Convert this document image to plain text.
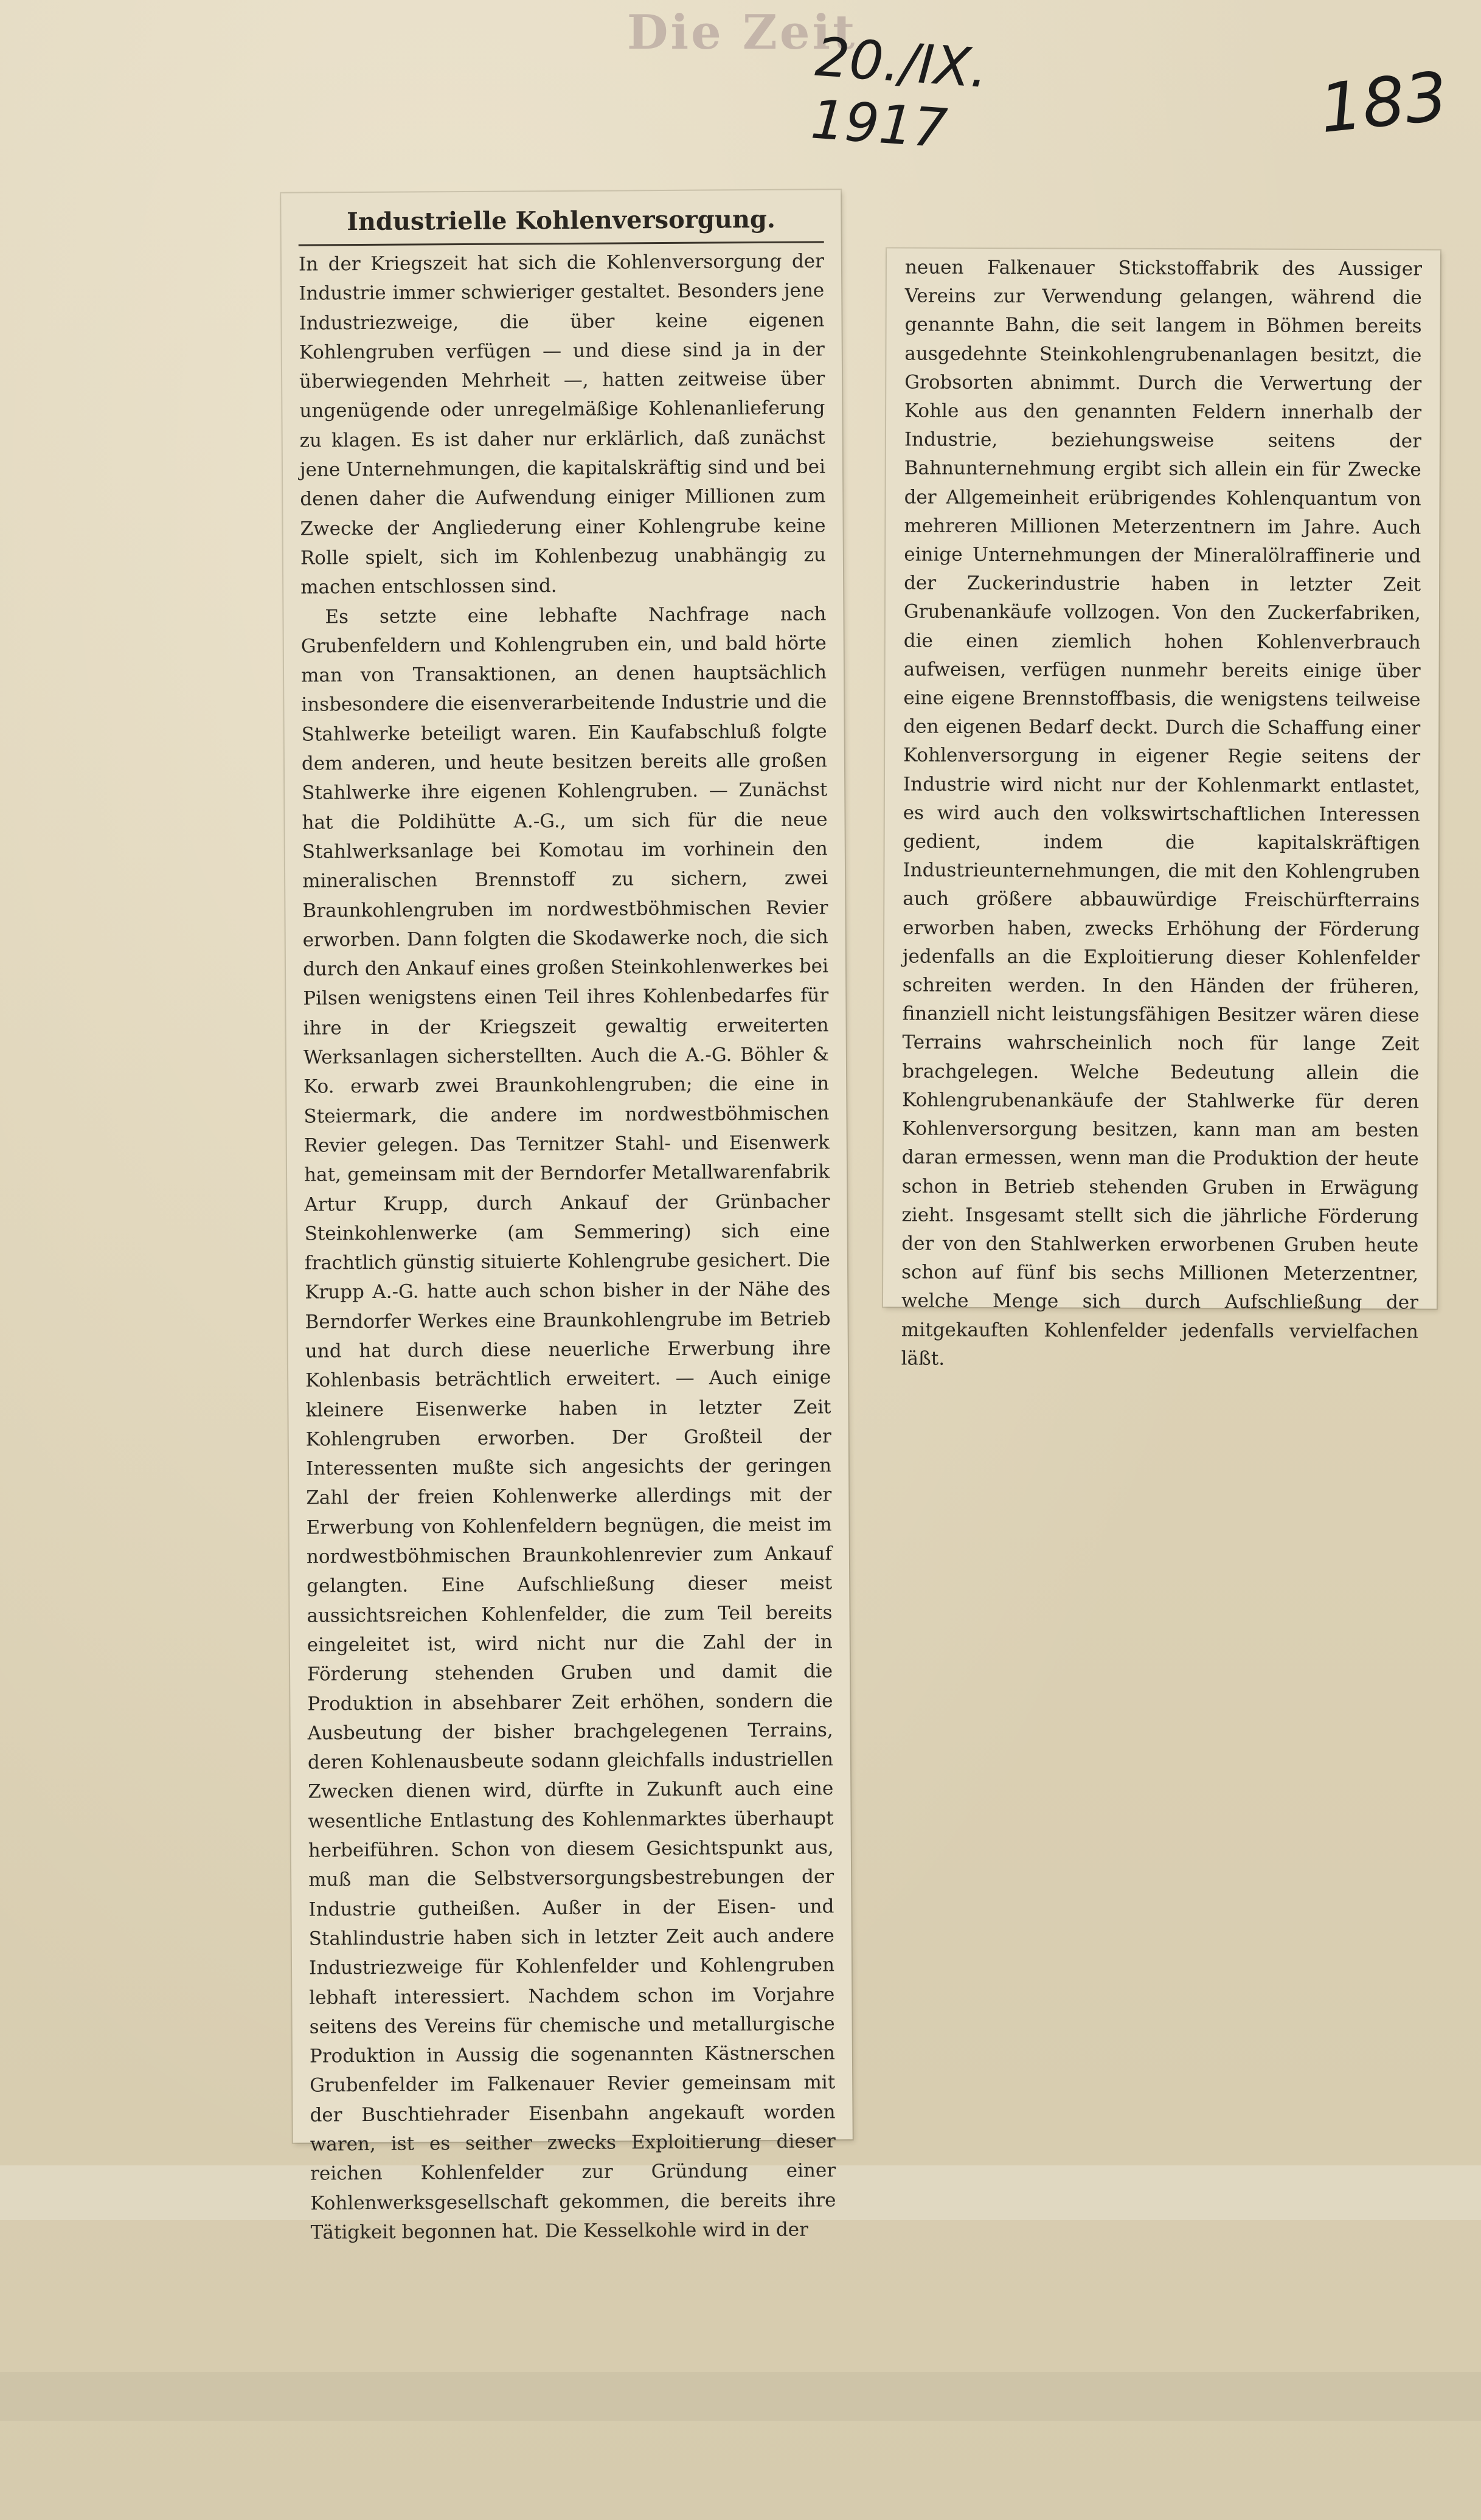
Die Zeit
20./IX. 1917	183
Industrielle Kohlenversorgung.

In der Kriegszeit hat sich die Kohlenversorgung der Industrie immer schwieriger gestaltet. Besonders jene Industriezweige, die über keine eigenen Kohlengruben verfügen — und diese sind ja in der überwiegenden Mehrheit —, hatten zeitweise über ungenügende oder unregelmäßige Kohlenanlieferung zu klagen. Es ist daher nur erklärlich, daß zunächst jene Unternehmungen, die kapitalskräftig sind und bei denen daher die Aufwendung einiger Millionen zum Zwecke der Angliederung einer Kohlengrube keine Rolle spielt, sich im Kohlenbezug unabhängig zu machen entschlossen sind.

Es setzte eine lebhafte Nachfrage nach Grubenfeldern und Kohlengruben ein, und bald hörte man von Transaktionen, an denen hauptsächlich insbesondere die eisenverarbeitende Industrie und die Stahlwerke beteiligt waren. Ein Kaufabschluß folgte dem anderen, und heute besitzen bereits alle großen Stahlwerke ihre eigenen Kohlengruben. — Zunächst hat die Poldihütte A.-G., um sich für die neue Stahlwerksanlage bei Komotau im vorhinein den mineralischen Brennstoff zu sichern, zwei Braunkohlengruben im nordwestböhmischen Revier erworben. Dann folgten die Skodawerke noch, die sich durch den Ankauf eines großen Steinkohlenwerkes bei Pilsen wenigstens einen Teil ihres Kohlenbedarfes für ihre in der Kriegszeit gewaltig erweiterten Werksanlagen sicherstellten. Auch die A.-G. Böhler & Ko. erwarb zwei Braunkohlengruben; die eine in Steiermark, die andere im nordwestböhmischen Revier gelegen. Das Ternitzer Stahl- und Eisenwerk hat, gemeinsam mit der Berndorfer Metallwarenfabrik Artur Krupp, durch Ankauf der Grünbacher Steinkohlenwerke (am Semmering) sich eine frachtlich günstig situierte Kohlengrube gesichert. Die Krupp A.-G. hatte auch schon bisher in der Nähe des Berndorfer Werkes eine Braunkohlengrube im Betrieb und hat durch diese neuerliche Erwerbung ihre Kohlenbasis beträchtlich erweitert. — Auch einige kleinere Eisenwerke haben in letzter Zeit Kohlengruben erworben. Der Großteil der Interessenten mußte sich angesichts der geringen Zahl der freien Kohlenwerke allerdings mit der Erwerbung von Kohlenfeldern begnügen, die meist im nordwestböhmischen Braunkohlenrevier zum Ankauf gelangten. Eine Aufschließung dieser meist aussichtsreichen Kohlenfelder, die zum Teil bereits eingeleitet ist, wird nicht nur die Zahl der in Förderung stehenden Gruben und damit die Produktion in absehbarer Zeit erhöhen, sondern die Ausbeutung der bisher brachgelegenen Terrains, deren Kohlenausbeute sodann gleichfalls industriellen Zwecken dienen wird, dürfte in Zukunft auch eine wesentliche Entlastung des Kohlenmarktes überhaupt herbeiführen. Schon von diesem Gesichtspunkt aus, muß man die Selbstversorgungsbestrebungen der Industrie gutheißen. Außer in der Eisen- und Stahlindustrie haben sich in letzter Zeit auch andere Industriezweige für Kohlenfelder und Kohlengruben lebhaft interessiert. Nachdem schon im Vorjahre seitens des Vereins für chemische und metallurgische Produktion in Aussig die sogenannten Kästnerschen Grubenfelder im Falkenauer Revier gemeinsam mit der Buschtiehrader Eisenbahn angekauft worden waren, ist es seither zwecks Exploitierung dieser reichen Kohlenfelder zur Gründung einer Kohlenwerksgesellschaft gekommen, die bereits ihre Tätigkeit begonnen hat. Die Kesselkohle wird in der

neuen Falkenauer Stickstoffabrik des Aussiger Vereins zur Verwendung gelangen, während die genannte Bahn, die seit langem in Böhmen bereits ausgedehnte Steinkohlengrubenanlagen besitzt, die Grobsorten abnimmt. Durch die Verwertung der Kohle aus den genannten Feldern innerhalb der Industrie, beziehungsweise seitens der Bahnunternehmung ergibt sich allein ein für Zwecke der Allgemeinheit erübrigendes Kohlenquantum von mehreren Millionen Meterzentnern im Jahre. Auch einige Unternehmungen der Mineralölraffinerie und der Zuckerindustrie haben in letzter Zeit Grubenankäufe vollzogen. Von den Zuckerfabriken, die einen ziemlich hohen Kohlenverbrauch aufweisen, verfügen nunmehr bereits einige über eine eigene Brennstoffbasis, die wenigstens teilweise den eigenen Bedarf deckt. Durch die Schaffung einer Kohlenversorgung in eigener Regie seitens der Industrie wird nicht nur der Kohlenmarkt entlastet, es wird auch den volkswirtschaftlichen Interessen gedient, indem die kapitalskräftigen Industrieunternehmungen, die mit den Kohlengruben auch größere abbauwürdige Freischürfterrains erworben haben, zwecks Erhöhung der Förderung jedenfalls an die Exploitierung dieser Kohlenfelder schreiten werden. In den Händen der früheren, finanziell nicht leistungsfähigen Besitzer wären diese Terrains wahrscheinlich noch für lange Zeit brachgelegen. Welche Bedeutung allein die Kohlengrubenankäufe der Stahlwerke für deren Kohlenversorgung besitzen, kann man am besten daran ermessen, wenn man die Produktion der heute schon in Betrieb stehenden Gruben in Erwägung zieht. Insgesamt stellt sich die jährliche Förderung der von den Stahlwerken erworbenen Gruben heute schon auf fünf bis sechs Millionen Meterzentner, welche Menge sich durch Aufschließung der mitgekauften Kohlenfelder jedenfalls vervielfachen läßt.
